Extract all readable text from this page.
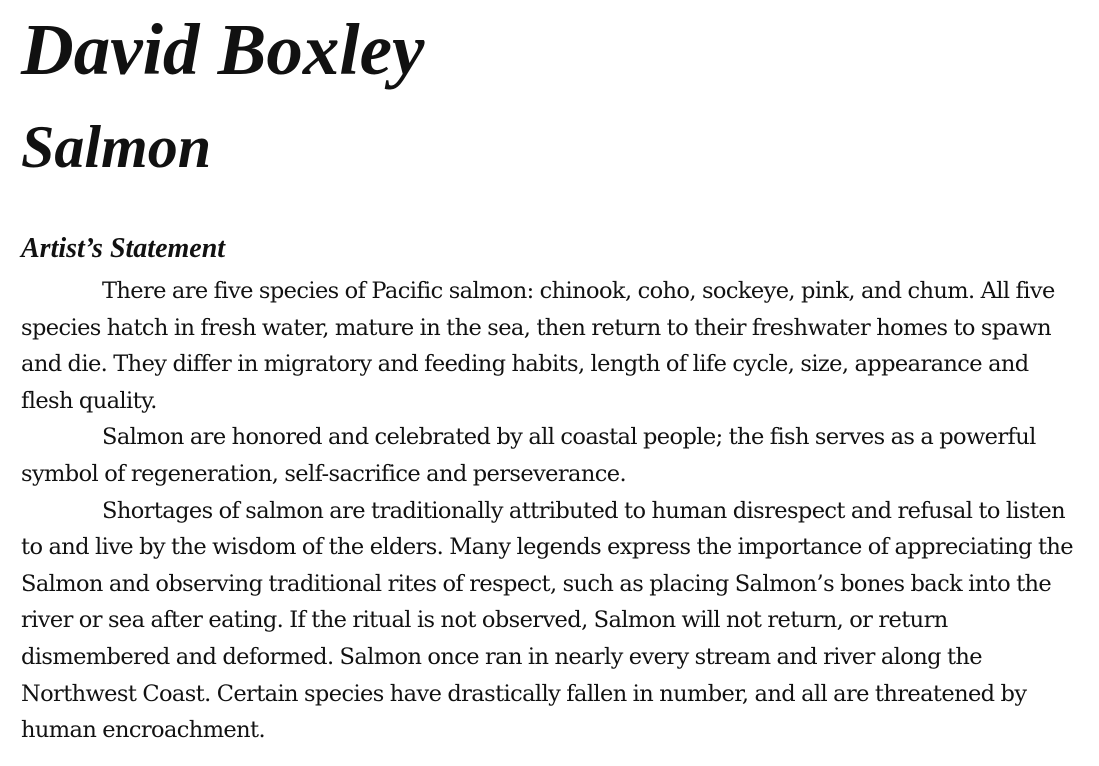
David Boxley
Salmon
Artist’s Statement

There are five species of Pacific salmon: chinook, coho, sockeye, pink, and chum. All five species hatch in fresh water, mature in the sea, then return to their freshwater homes to spawn and die. They differ in migratory and feeding habits, length of life cycle, size, appearance and flesh quality.

Salmon are honored and celebrated by all coastal people; the fish serves as a powerful symbol of regeneration, self-sacrifice and perseverance.

Shortages of salmon are traditionally attributed to human disrespect and refusal to listen to and live by the wisdom of the elders. Many legends express the importance of appreciating the Salmon and observing traditional rites of respect, such as placing Salmon’s bones back into the river or sea after eating. If the ritual is not observed, Salmon will not return, or return dismembered and deformed. Salmon once ran in nearly every stream and river along the Northwest Coast. Certain species have drastically fallen in number, and all are threatened by human encroachment.
